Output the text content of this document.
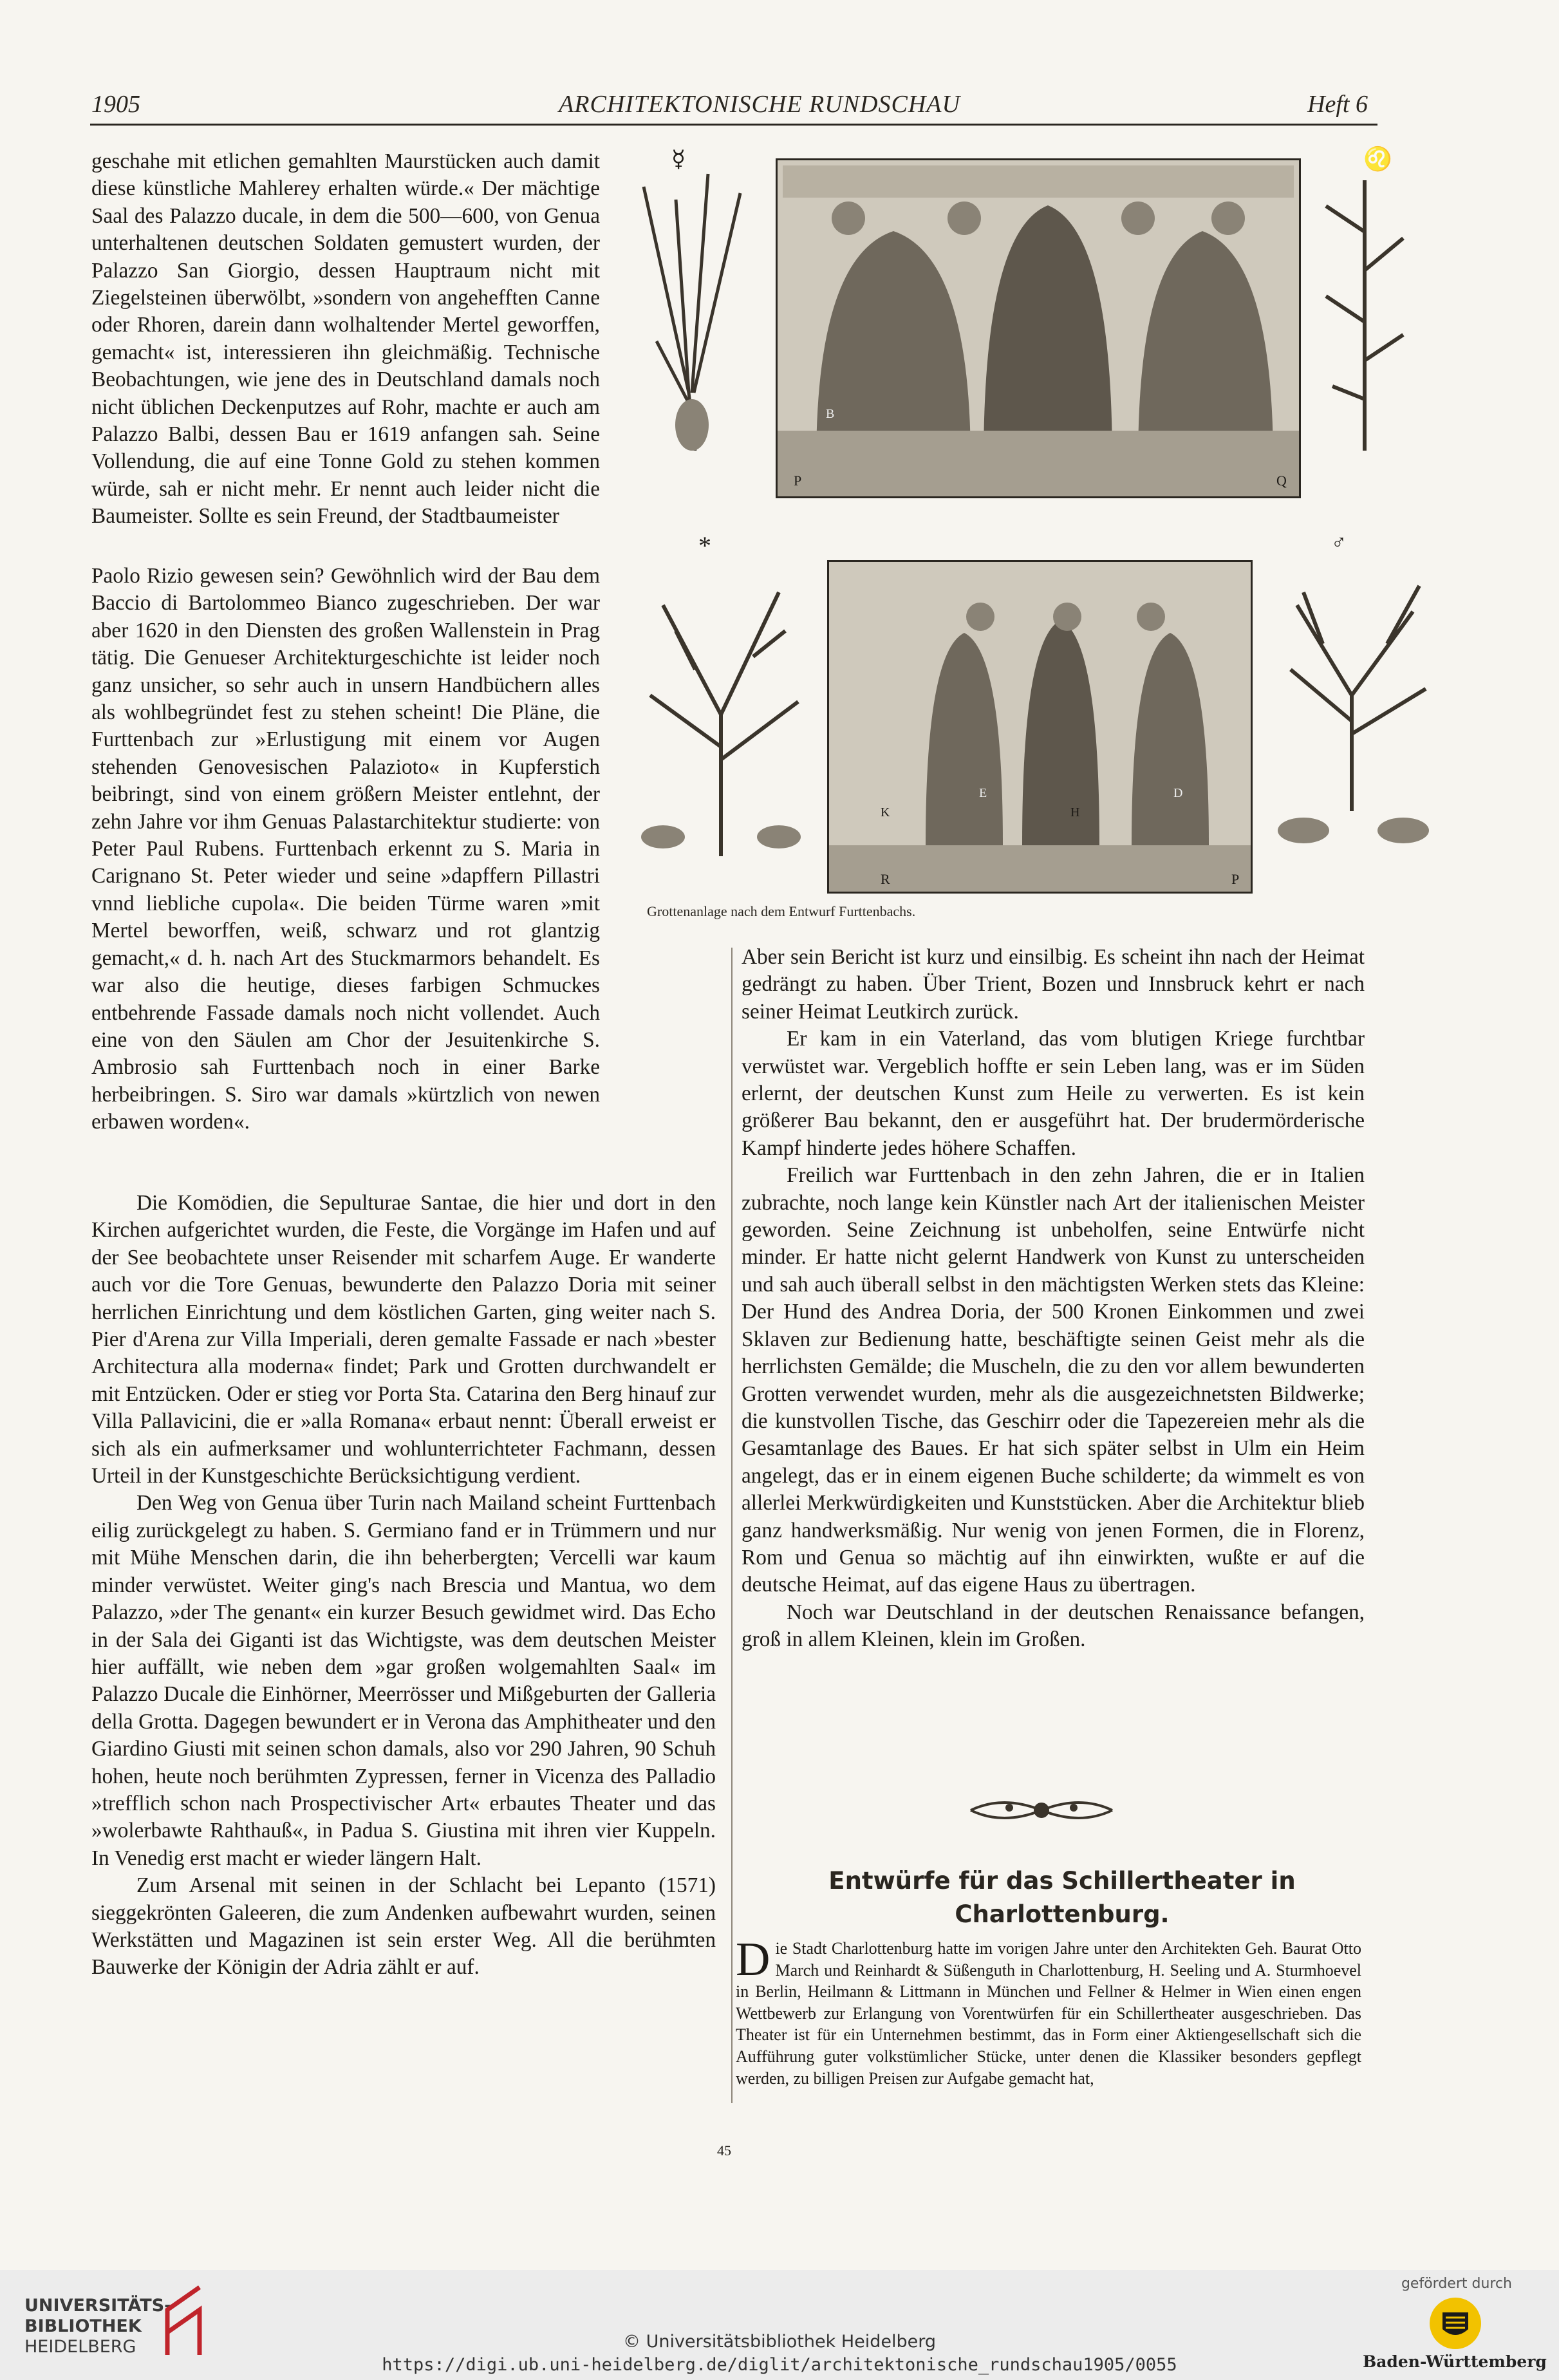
1905	ARCHITEKTONISCHE RUNDSCHAU	Heft 6

geschahe mit etlichen gemahlten Maurstücken auch damit diese künstliche Mahlerey erhalten würde.« Der mächtige Saal des Palazzo ducale, in dem die 500—600, von Genua unterhaltenen deutschen Soldaten gemustert wurden, der Palazzo San Giorgio, dessen Hauptraum nicht mit Ziegelsteinen überwölbt, »sondern von angehefften Canne oder Rhoren, darein dann wolhaltender Mertel geworffen, gemacht« ist, interessieren ihn gleichmäßig. Technische Beobachtungen, wie jene des in Deutschland damals noch nicht üblichen Deckenputzes auf Rohr, machte er auch am Palazzo Balbi, dessen Bau er 1619 anfangen sah. Seine Vollendung, die auf eine Tonne Gold zu stehen kommen würde, sah er nicht mehr. Er nennt auch leider nicht die Baumeister. Sollte es sein Freund, der Stadtbaumeister

Paolo Rizio gewesen sein? Gewöhnlich wird der Bau dem Baccio di Bartolommeo Bianco zugeschrieben. Der war aber 1620 in den Diensten des großen Wallenstein in Prag tätig. Die Genueser Architekturgeschichte ist leider noch ganz unsicher, so sehr auch in unsern Handbüchern alles als wohlbegründet fest zu stehen scheint! Die Pläne, die Furttenbach zur »Erlustigung mit einem vor Augen stehenden Genovesischen Palazioto« in Kupferstich beibringt, sind von einem größern Meister entlehnt, der zehn Jahre vor ihm Genuas Palastarchitektur studierte: von Peter Paul Rubens. Furttenbach erkennt zu S. Maria in Carignano St. Peter wieder und seine »dapffern Pillastri vnnd liebliche cupola«. Die beiden Türme waren »mit Mertel beworffen, weiß, schwarz und rot glantzig gemacht,« d. h. nach Art des Stuckmarmors behandelt. Es war also die heutige, dieses farbigen Schmuckes entbehrende Fassade damals noch nicht vollendet. Auch eine von den Säulen am Chor der Jesuitenkirche S. Ambrosio sah Furttenbach noch in einer Barke herbeibringen. S. Siro war damals »kürtzlich von newen erbawen worden«.

Die Komödien, die Sepulturae Santae, die hier und dort in den Kirchen aufgerichtet wurden, die Feste, die Vorgänge im Hafen und auf der See beobachtete unser Reisender mit scharfem Auge. Er wanderte auch vor die Tore Genuas, bewunderte den Palazzo Doria mit seiner herrlichen Einrichtung und dem köstlichen Garten, ging weiter nach S. Pier d'Arena zur Villa Imperiali, deren gemalte Fassade er nach »bester Architectura alla moderna« findet; Park und Grotten durchwandelt er mit Entzücken. Oder er stieg vor Porta Sta. Catarina den Berg hinauf zur Villa Pallavicini, die er »alla Romana« erbaut nennt: Überall erweist er sich als ein aufmerksamer und wohlunterrichteter Fachmann, dessen Urteil in der Kunstgeschichte Berücksichtigung verdient.

Den Weg von Genua über Turin nach Mailand scheint Furttenbach eilig zurückgelegt zu haben. S. Germiano fand er in Trümmern und nur mit Mühe Menschen darin, die ihn beherbergten; Vercelli war kaum minder verwüstet. Weiter ging's nach Brescia und Mantua, wo dem Palazzo, »der The genant« ein kurzer Besuch gewidmet wird. Das Echo in der Sala dei Giganti ist das Wichtigste, was dem deutschen Meister hier auffällt, wie neben dem »gar großen wolgemahlten Saal« im Palazzo Ducale die Einhörner, Meerrösser und Mißgeburten der Galleria della Grotta. Dagegen bewundert er in Verona das Amphitheater und den Giardino Giusti mit seinen schon damals, also vor 290 Jahren, 90 Schuh hohen, heute noch berühmten Zypressen, ferner in Vicenza des Palladio »trefflich schon nach Prospectivischer Art« erbautes Theater und das »wolerbawte Rahthauß«, in Padua S. Giustina mit ihren vier Kuppeln. In Venedig erst macht er wieder längern Halt.

Zum Arsenal mit seinen in der Schlacht bei Lepanto (1571) sieggekrönten Galeeren, die zum Andenken aufbewahrt wurden, seinen Werkstätten und Magazinen ist sein erster Weg. All die berühmten Bauwerke der Königin der Adria zählt er auf.

P	Q
B
R	P
K	H
E	D
☿	♌
*	♂
Grottenanlage nach dem Entwurf Furttenbachs.

Aber sein Bericht ist kurz und einsilbig. Es scheint ihn nach der Heimat gedrängt zu haben. Über Trient, Bozen und Innsbruck kehrt er nach seiner Heimat Leutkirch zurück.

Er kam in ein Vaterland, das vom blutigen Kriege furchtbar verwüstet war. Vergeblich hoffte er sein Leben lang, was er im Süden erlernt, der deutschen Kunst zum Heile zu verwerten. Es ist kein größerer Bau bekannt, den er ausgeführt hat. Der brudermörderische Kampf hinderte jedes höhere Schaffen.

Freilich war Furttenbach in den zehn Jahren, die er in Italien zubrachte, noch lange kein Künstler nach Art der italienischen Meister geworden. Seine Zeichnung ist unbeholfen, seine Entwürfe nicht minder. Er hatte nicht gelernt Handwerk von Kunst zu unterscheiden und sah auch überall selbst in den mächtigsten Werken stets das Kleine: Der Hund des Andrea Doria, der 500 Kronen Einkommen und zwei Sklaven zur Bedienung hatte, beschäftigte seinen Geist mehr als die herrlichsten Gemälde; die Muscheln, die zu den vor allem bewunderten Grotten verwendet wurden, mehr als die ausgezeichnetsten Bildwerke; die kunstvollen Tische, das Geschirr oder die Tapezereien mehr als die Gesamtanlage des Baues. Er hat sich später selbst in Ulm ein Heim angelegt, das er in einem eigenen Buche schilderte; da wimmelt es von allerlei Merkwürdigkeiten und Kunststücken. Aber die Architektur blieb ganz handwerksmäßig. Nur wenig von jenen Formen, die in Florenz, Rom und Genua so mächtig auf ihn einwirkten, wußte er auf die deutsche Heimat, auf das eigene Haus zu übertragen.

Noch war Deutschland in der deutschen Renaissance befangen, groß in allem Kleinen, klein im Großen.

Entwürfe für das Schillertheater in
Charlottenburg.
Die Stadt Charlottenburg hatte im vorigen Jahre unter den Architekten Geh. Baurat Otto March und Reinhardt & Süßenguth in Charlottenburg, H. Seeling und A. Sturmhoevel in Berlin, Heilmann & Littmann in München und Fellner & Helmer in Wien einen engen Wettbewerb zur Erlangung von Vorentwürfen für ein Schillertheater ausgeschrieben. Das Theater ist für ein Unternehmen bestimmt, das in Form einer Aktiengesellschaft sich die Aufführung guter volkstümlicher Stücke, unter denen die Klassiker besonders gepflegt werden, zu billigen Preisen zur Aufgabe gemacht hat,
45
UNIVERSITÄTS-
BIBLIOTHEK
HEIDELBERG	© Universitätsbibliothek Heidelberg
https://digi.ub.uni-heidelberg.de/diglit/architektonische_rundschau1905/0055
gefördert durch
Baden-Württemberg
